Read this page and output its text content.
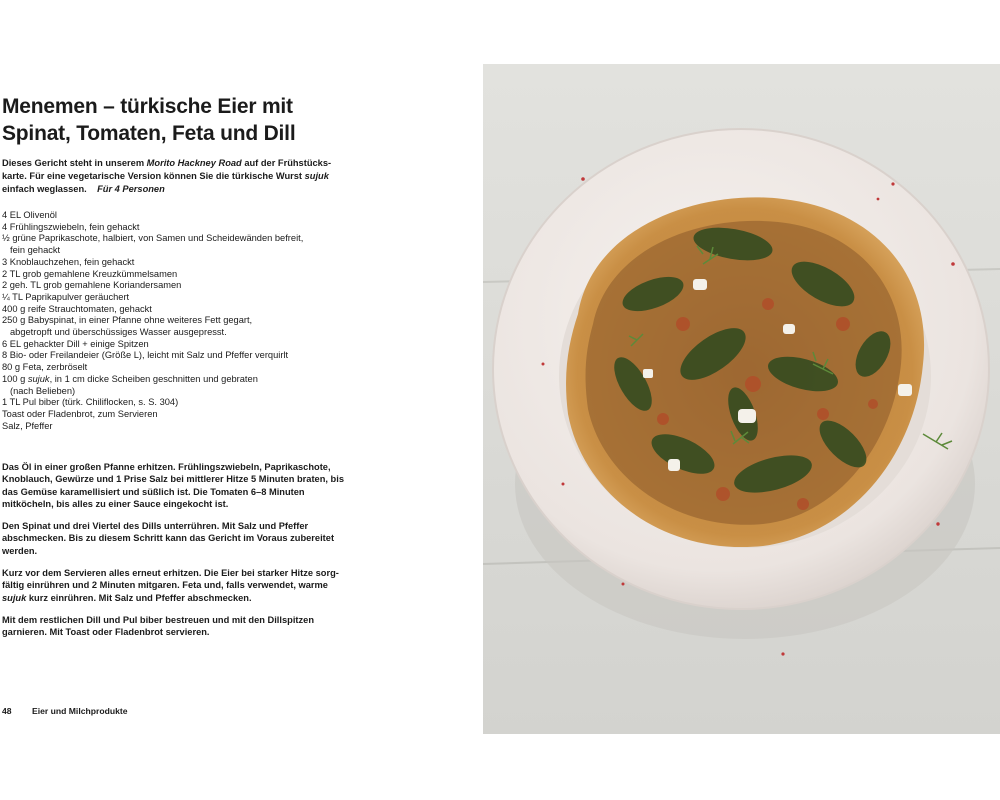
Menemen – türkische Eier mit
Spinat, Tomaten, Feta und Dill

Dieses Gericht steht in unserem Morito Hackney Road auf der Frühstücks-karte. Für eine vegetarische Version können Sie die türkische Wurst sujuk einfach weglassen. Für 4 Personen

4 EL Olivenöl
4 Frühlingszwiebeln, fein gehackt
½ grüne Paprikaschote, halbiert, von Samen und Scheidewänden befreit,
fein gehackt
3 Knoblauchzehen, fein gehackt
2 TL grob gemahlene Kreuzkümmelsamen
2 geh. TL grob gemahlene Koriandersamen
¼ TL Paprikapulver geräuchert
400 g reife Strauchtomaten, gehackt
250 g Babyspinat, in einer Pfanne ohne weiteres Fett gegart,
abgetropft und überschüssiges Wasser ausgepresst.
6 EL gehackter Dill + einige Spitzen
8 Bio- oder Freilandeier (Größe L), leicht mit Salz und Pfeffer verquirlt
80 g Feta, zerbröselt
100 g sujuk, in 1 cm dicke Scheiben geschnitten und gebraten
(nach Belieben)
1 TL Pul biber (türk. Chiliflocken, s. S. 304)
Toast oder Fladenbrot, zum Servieren
Salz, Pfeffer

Das Öl in einer großen Pfanne erhitzen. Frühlingszwiebeln, Paprikaschote, Knoblauch, Gewürze und 1 Prise Salz bei mittlerer Hitze 5 Minuten braten, bis das Gemüse karamellisiert und süßlich ist. Die Tomaten 6–8 Minuten mitköcheln, bis alles zu einer Sauce eingekocht ist.

Den Spinat und drei Viertel des Dills unterrühren. Mit Salz und Pfeffer abschmecken. Bis zu diesem Schritt kann das Gericht im Voraus zubereitet werden.

Kurz vor dem Servieren alles erneut erhitzen. Die Eier bei starker Hitze sorg-fältig einrühren und 2 Minuten mitgaren. Feta und, falls verwendet, warme sujuk kurz einrühren. Mit Salz und Pfeffer abschmecken.

Mit dem restlichen Dill und Pul biber bestreuen und mit den Dillspitzen garnieren. Mit Toast oder Fladenbrot servieren.

48 Eier und Milchprodukte
